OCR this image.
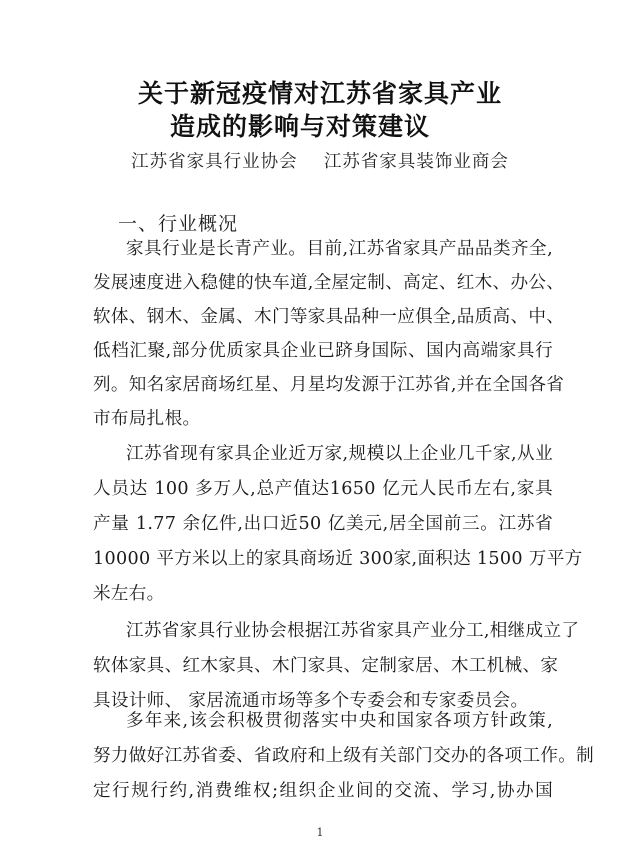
关于新冠疫情对江苏省家具产业
造成的影响与对策建议
江苏省家具行业协会    江苏省家具装饰业商会
一、行业概况
家具行业是长青产业。目前,江苏省家具产品品类齐全,
发展速度进入稳健的快车道,全屋定制、高定、红木、办公、
软体、钢木、金属、木门等家具品种一应俱全,品质高、中、
低档汇聚,部分优质家具企业已跻身国际、国内高端家具行
列。知名家居商场红星、月星均发源于江苏省,并在全国各省
市布局扎根。
江苏省现有家具企业近万家,规模以上企业几千家,从业
人员达 100 多万人,总产值达1650 亿元人民币左右,家具
产量 1.77 余亿件,出口近50 亿美元,居全国前三。江苏省
10000 平方米以上的家具商场近 300家,面积达 1500 万平方
米左右。
江苏省家具行业协会根据江苏省家具产业分工,相继成立了
软体家具、红木家具、木门家具、定制家居、木工机械、家
具设计师、 家居流通市场等多个专委会和专家委员会。
多年来,该会积极贯彻落实中央和国家各项方针政策,
努力做好江苏省委、省政府和上级有关部门交办的各项工作。制
定行规行约,消费维权;组织企业间的交流、学习,协办国
1
